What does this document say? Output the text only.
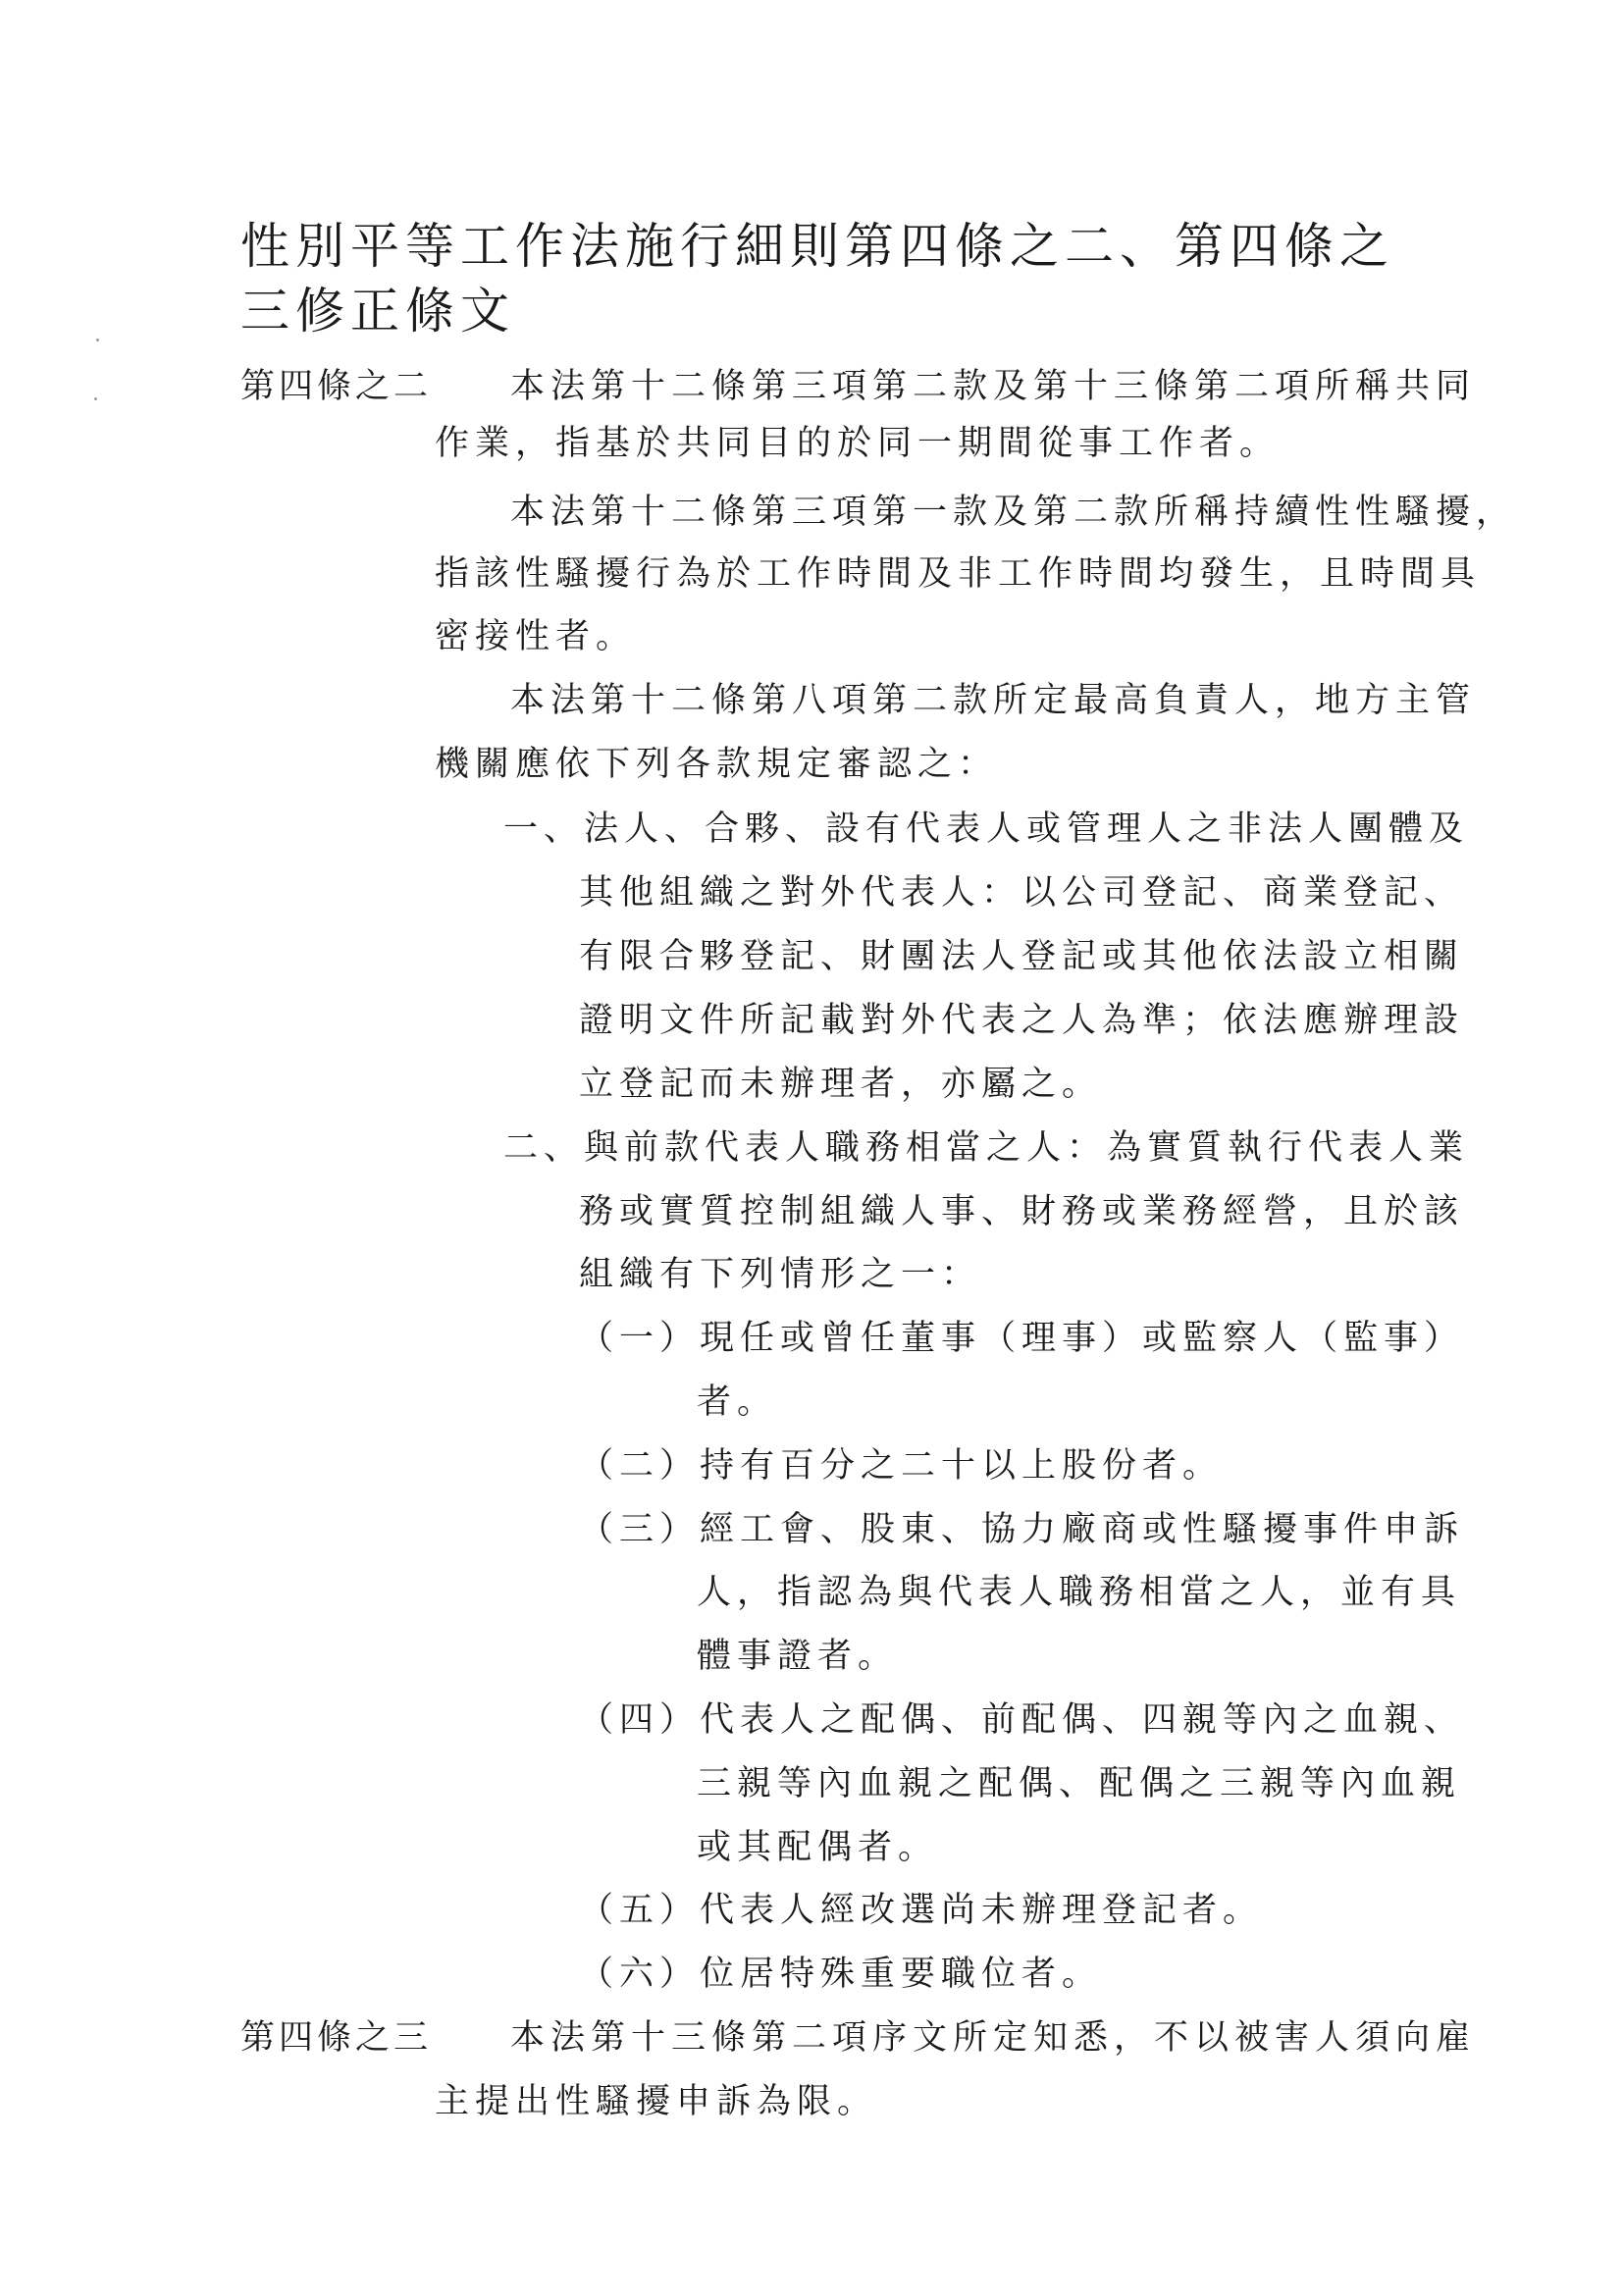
性別平等工作法施行細則第四條之二、第四條之
三修正條文
第四條之二 本法第十二條第三項第二款及第十三條第二項所稱共同
作業，指基於共同目的於同一期間從事工作者。
本法第十二條第三項第一款及第二款所稱持續性性騷擾，
指該性騷擾行為於工作時間及非工作時間均發生，且時間具
密接性者。
本法第十二條第八項第二款所定最高負責人，地方主管
機關應依下列各款規定審認之：
一、法人、合夥、設有代表人或管理人之非法人團體及
其他組織之對外代表人：以公司登記、商業登記、
有限合夥登記、財團法人登記或其他依法設立相關
證明文件所記載對外代表之人為準；依法應辦理設
立登記而未辦理者，亦屬之。
二、與前款代表人職務相當之人：為實質執行代表人業
務或實質控制組織人事、財務或業務經營，且於該
組織有下列情形之一：
（一）現任或曾任董事（理事）或監察人（監事）
者。
（二）持有百分之二十以上股份者。
（三）經工會、股東、協力廠商或性騷擾事件申訴
人，指認為與代表人職務相當之人，並有具
體事證者。
（四）代表人之配偶、前配偶、四親等內之血親、
三親等內血親之配偶、配偶之三親等內血親
或其配偶者。
（五）代表人經改選尚未辦理登記者。
（六）位居特殊重要職位者。
第四條之三 本法第十三條第二項序文所定知悉，不以被害人須向雇
主提出性騷擾申訴為限。
